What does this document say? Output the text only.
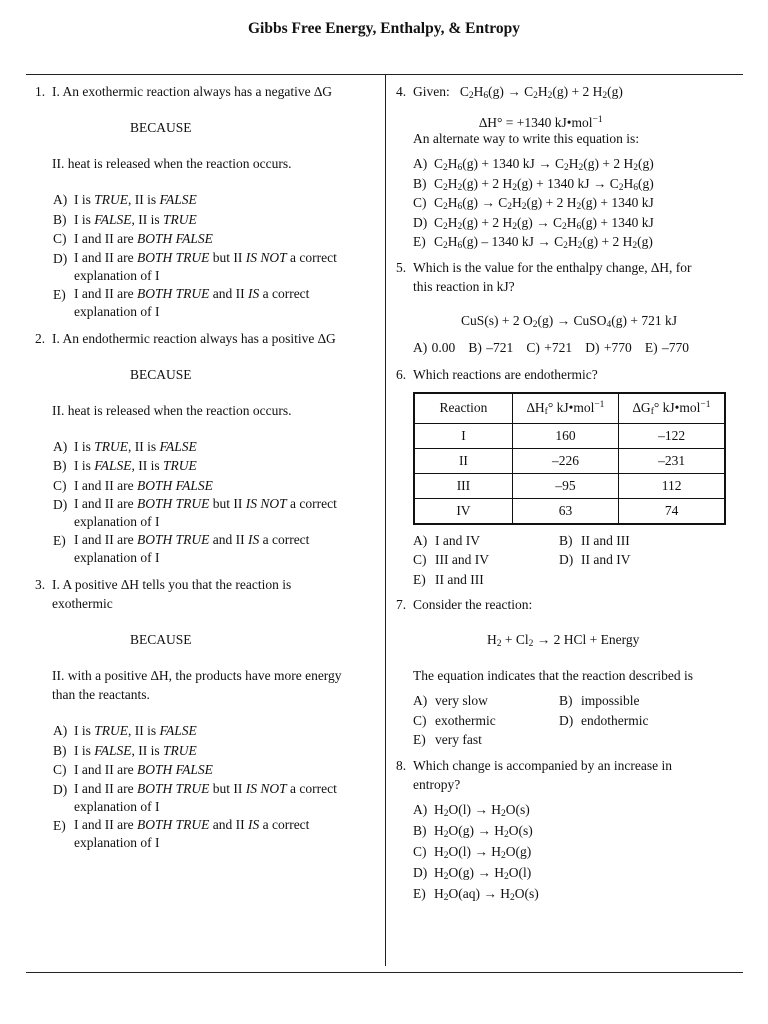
Gibbs Free Energy, Enthalpy, & Entropy
1. I. An exothermic reaction always has a negative ∆G
BECAUSE
II. heat is released when the reaction occurs.
A) I is TRUE, II is FALSE
B) I is FALSE, II is TRUE
C) I and II are BOTH FALSE
D) I and II are BOTH TRUE but II IS NOT a correct
explanation of I
E) I and II are BOTH TRUE and II IS a correct
explanation of I
2. I. An endothermic reaction always has a positive ∆G
BECAUSE
II. heat is released when the reaction occurs.
A) I is TRUE, II is FALSE
B) I is FALSE, II is TRUE
C) I and II are BOTH FALSE
D) I and II are BOTH TRUE but II IS NOT a correct
explanation of I
E) I and II are BOTH TRUE and II IS a correct
explanation of I
3. I. A positive ∆H tells you that the reaction is
exothermic
BECAUSE
II. with a positive ∆H, the products have more energy
than the reactants.
A) I is TRUE, II is FALSE
B) I is FALSE, II is TRUE
C) I and II are BOTH FALSE
D) I and II are BOTH TRUE but II IS NOT a correct
explanation of I
E) I and II are BOTH TRUE and II IS a correct
explanation of I
4. Given: $C_2H_6(g) \to C_2H_2(g) + 2$ $H_2(g)$
∆H° = +1340 kJ•mol$^{-1}$
An alternate way to write this equation is:
A) $C_2H_6(g) + 1340$ kJ → $C_2H_2(g) + 2$ $H_2(g)$
B) $C_2H_2(g) + 2$ $H_2(g) + 1340$ kJ → $C_2H_6(g)$
C) $C_2H_6(g) \to C_2H_2(g) + 2$ $H_2(g) + 1340$ kJ
D) $C_2H_2(g) + 2$ $H_2(g) \to C_2H_6(g) + 1340$ kJ
E) $C_2H_6(g) - 1340$ kJ → $C_2H_2(g) + 2$ $H_2(g)$
5. Which is the value for the enthalpy change, ∆H, for
this reaction in kJ?
CuS(s) + 2 $O_2(g)$ → CuSO$_4$(g) + 721 kJ
A) 0.00 B) –721 C) +721 D) +770 E) –770
6. Which reactions are endothermic?
Reaction	$\Delta H_f^\circ$ kJ•mol$^{-1}$	$\Delta G_f^\circ$ kJ•mol$^{-1}$
I	160	–122
II	–226	–231
III	–95	112
IV	63	74
A) I and IV	B) II and III
C) III and IV	D) II and IV
E) II and III
7. Consider the reaction:
$H_2 + Cl_2 \to 2$ HCl + Energy
The equation indicates that the reaction described is
A) very slow	B) impossible
C) exothermic	D) endothermic
E) very fast
8. Which change is accompanied by an increase in
entropy?
A) $H_2O(l) \to H_2O(s)$
B) $H_2O(g) \to H_2O(s)$
C) $H_2O(l) \to H_2O(g)$
D) $H_2O(g) \to H_2O(l)$
E) $H_2O(aq) \to H_2O(s)$
